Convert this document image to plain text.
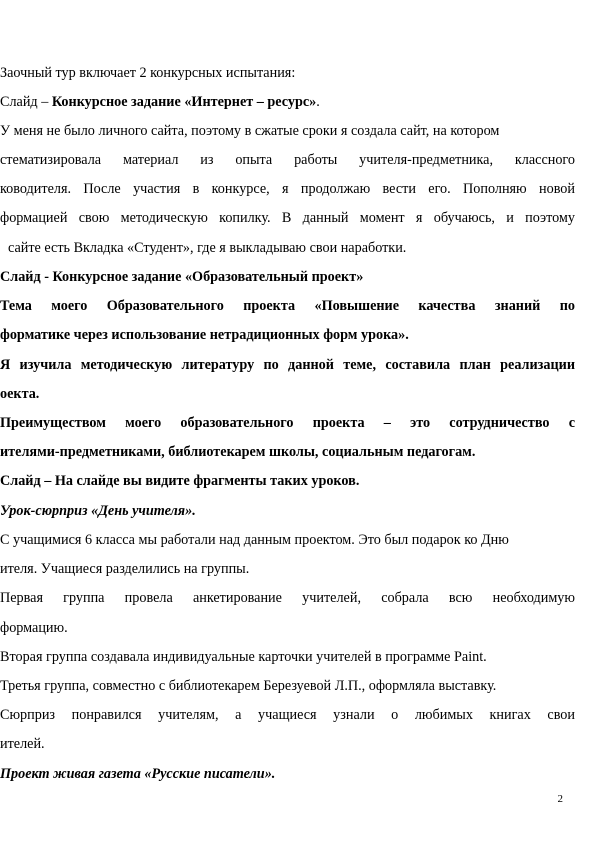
Заочный тур включает 2 конкурсных испытания:
Слайд – Конкурсное задание «Интернет – ресурс».
У меня не было личного сайта, поэтому в сжатые сроки я создала сайт, на котором
стематизировала материал из опыта работы учителя-предметника, классного
ководителя. После участия в конкурсе, я продолжаю вести его. Пополняю новой
формацией свою методическую копилку. В данный момент я обучаюсь, и поэтому
сайте есть Вкладка «Студент», где я выкладываю свои наработки.
Слайд - Конкурсное задание «Образовательный проект»
Тема моего Образовательного проекта «Повышение качества знаний по
форматике через использование нетрадиционных форм урока».
Я изучила методическую литературу по данной теме, составила план реализации
оекта.
Преимуществом моего образовательного проекта – это сотрудничество с
ителями-предметниками, библиотекарем школы, социальным педагогам.
Слайд – На слайде вы видите фрагменты таких уроков.
Урок-сюрприз «День учителя».
С учащимися 6 класса мы работали над данным проектом. Это был подарок ко Дню
ителя. Учащиеся разделились на группы.
Первая группа провела анкетирование учителей, собрала всю необходимую
формацию.
Вторая группа создавала индивидуальные карточки учителей в программе Paint.
Третья группа, совместно с библиотекарем Березуевой Л.П., оформляла выставку.
Сюрприз понравился учителям, а учащиеся узнали о любимых книгах свои
ителей.
Проект живая газета «Русские писатели».
2
